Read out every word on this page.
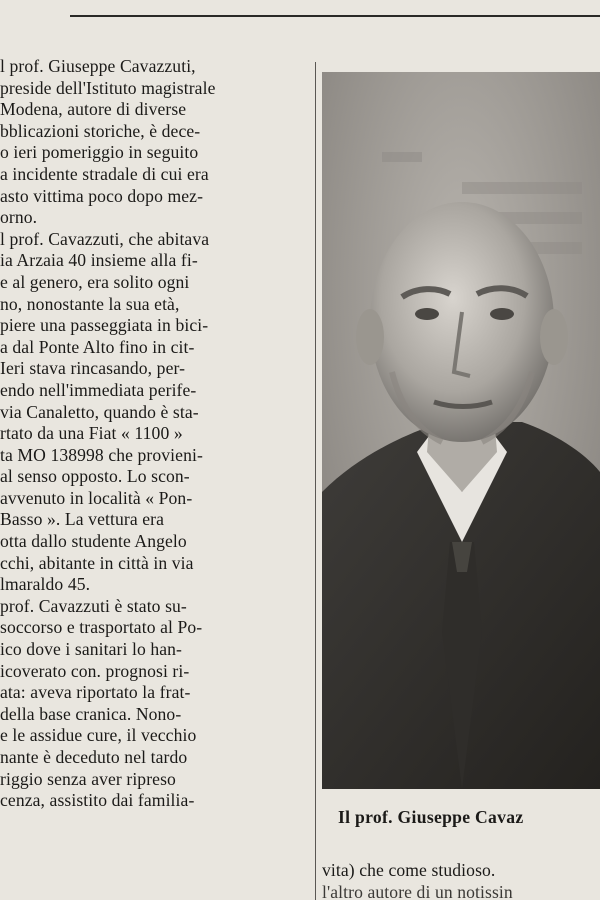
l prof. Giuseppe Cavazzuti,
preside dell'Istituto magistrale
Modena, autore di diverse
bblicazioni storiche, è dece-
o ieri pomeriggio in seguito
a incidente stradale di cui era
asto vittima poco dopo mez-
orno.
l prof. Cavazzuti, che abitava
ia Arzaia 40 insieme alla fi-
e al genero, era solito ogni
no, nonostante la sua età,
piere una passeggiata in bici-
a dal Ponte Alto fino in cit-
Ieri stava rincasando, per-
endo nell'immediata perife-
via Canaletto, quando è sta-
rtato da una Fiat « 1100 »
ta MO 138998 che provieni-
al senso opposto. Lo scon-
avvenuto in località « Pon-
Basso ». La vettura era
otta dallo studente Angelo
cchi, abitante in città in via
lmaraldo 45.
prof. Cavazzuti è stato su-
soccorso e trasportato al Po-
ico dove i sanitari lo han-
icoverato con. prognosi ri-
ata: aveva riportato la frat-
della base cranica. Nono-
e le assidue cure, il vecchio
nante è deceduto nel tardo
riggio senza aver ripreso
cenza, assistito dai familia-
Il prof. Giuseppe Cavaz
vita) che come studioso.
l'altro autore di un notissin
